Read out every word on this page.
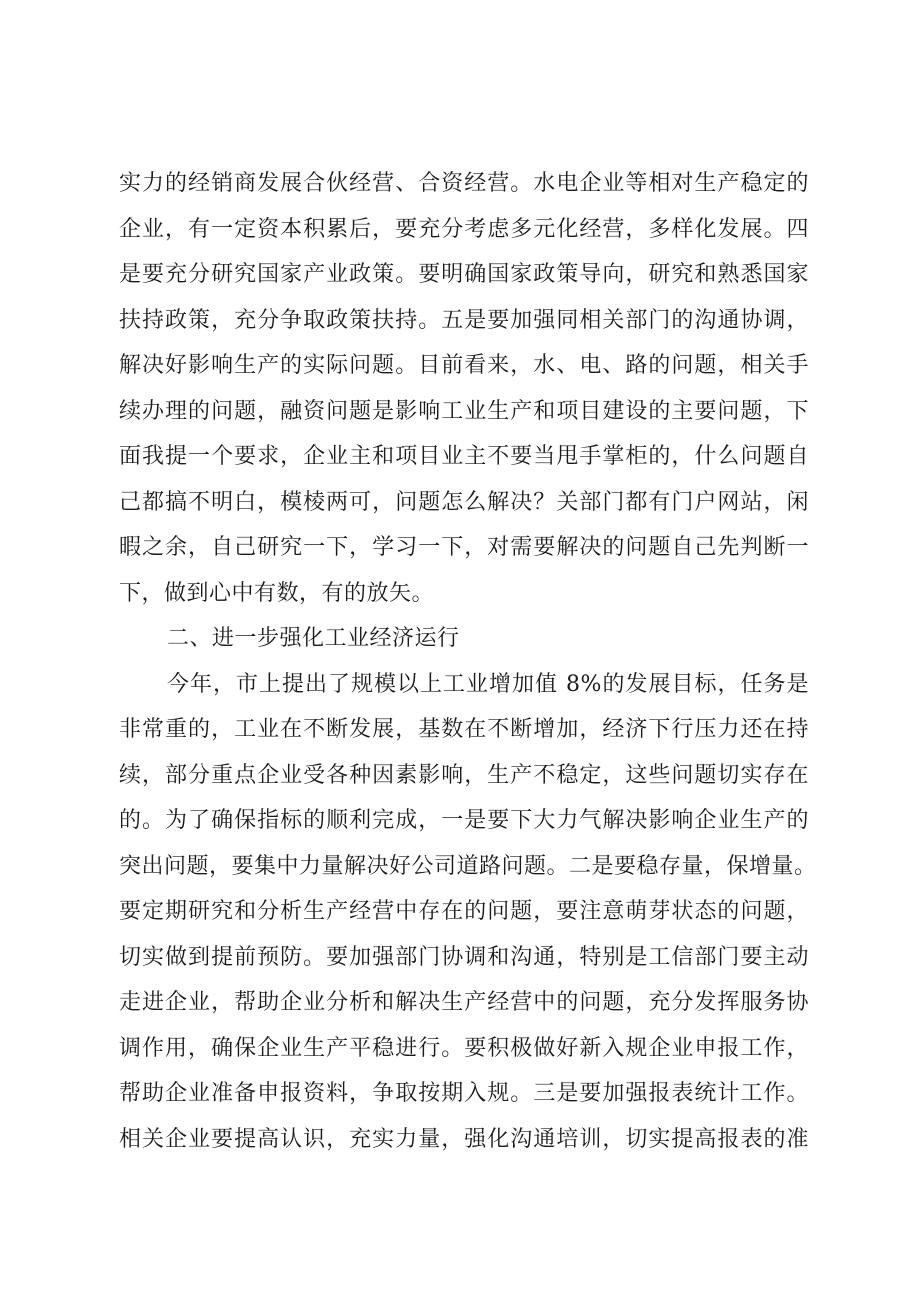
实力的经销商发展合伙经营、合资经营。水电企业等相对生产稳定的
企业，有一定资本积累后，要充分考虑多元化经营，多样化发展。四
是要充分研究国家产业政策。要明确国家政策导向，研究和熟悉国家
扶持政策，充分争取政策扶持。五是要加强同相关部门的沟通协调，
解决好影响生产的实际问题。目前看来，水、电、路的问题，相关手
续办理的问题，融资问题是影响工业生产和项目建设的主要问题，下
面我提一个要求，企业主和项目业主不要当甩手掌柜的，什么问题自
己都搞不明白，模棱两可，问题怎么解决？关部门都有门户网站，闲
暇之余，自己研究一下，学习一下，对需要解决的问题自己先判断一
下，做到心中有数，有的放矢。
二、进一步强化工业经济运行
今年，市上提出了规模以上工业增加值 8%的发展目标，任务是
非常重的，工业在不断发展，基数在不断增加，经济下行压力还在持
续，部分重点企业受各种因素影响，生产不稳定，这些问题切实存在
的。为了确保指标的顺利完成，一是要下大力气解决影响企业生产的
突出问题，要集中力量解决好公司道路问题。二是要稳存量，保增量。
要定期研究和分析生产经营中存在的问题，要注意萌芽状态的问题，
切实做到提前预防。要加强部门协调和沟通，特别是工信部门要主动
走进企业，帮助企业分析和解决生产经营中的问题，充分发挥服务协
调作用，确保企业生产平稳进行。要积极做好新入规企业申报工作，
帮助企业准备申报资料，争取按期入规。三是要加强报表统计工作。
相关企业要提高认识，充实力量，强化沟通培训，切实提高报表的准
